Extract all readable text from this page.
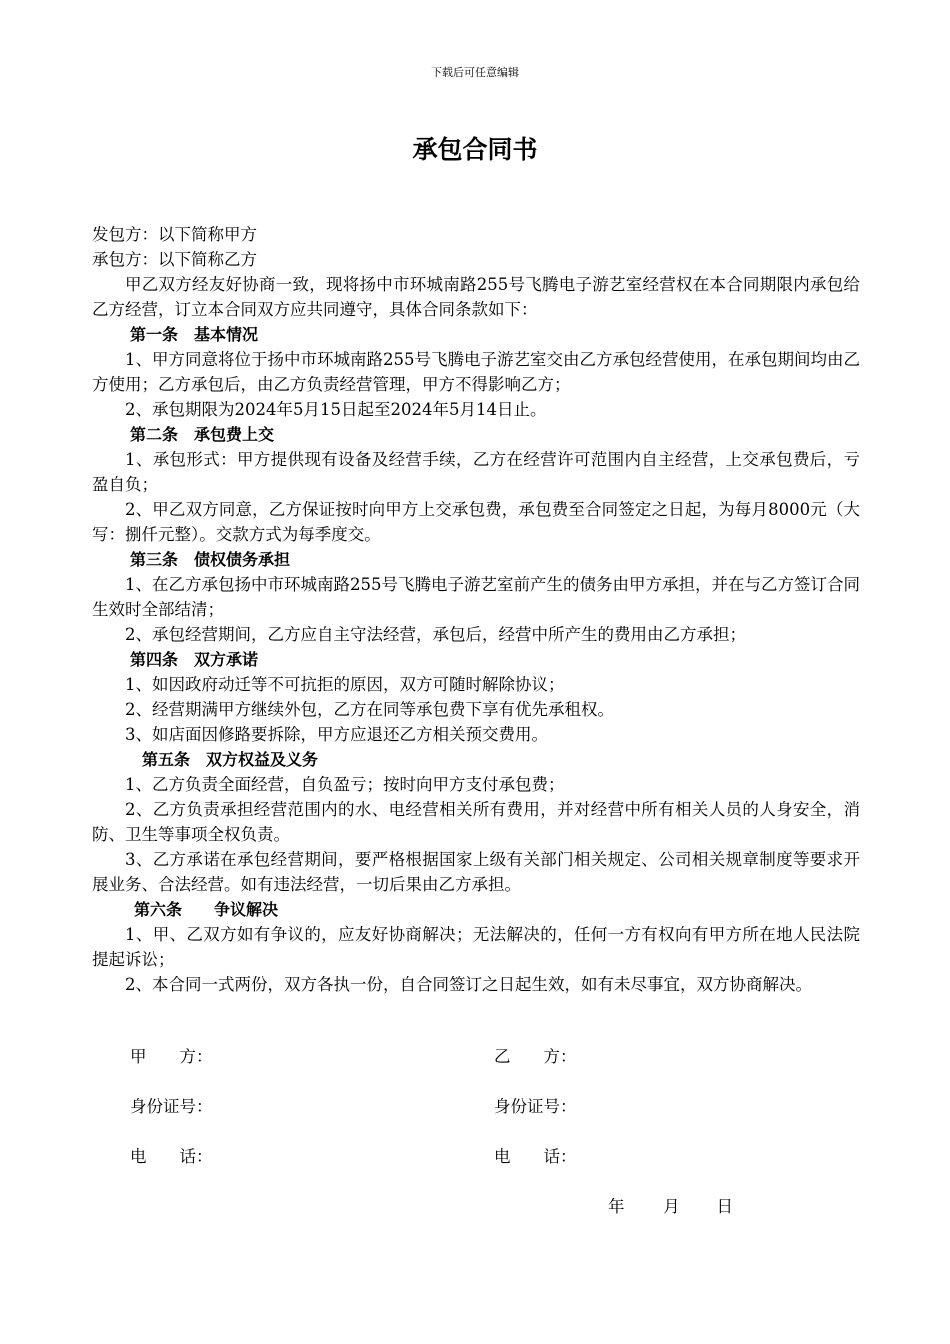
下载后可任意编辑
承包合同书

发包方：以下简称甲方

承包方：以下简称乙方

甲乙双方经友好协商一致，现将扬中市环城南路255号飞腾电子游艺室经营权在本合同期限内承包给乙方经营，订立本合同双方应共同遵守，具体合同条款如下：

第一条　基本情况

1、甲方同意将位于扬中市环城南路255号飞腾电子游艺室交由乙方承包经营使用，在承包期间均由乙方使用；乙方承包后，由乙方负责经营管理，甲方不得影响乙方；

2、承包期限为2024年5月15日起至2024年5月14日止。

第二条　承包费上交

1、承包形式：甲方提供现有设备及经营手续，乙方在经营许可范围内自主经营，上交承包费后，亏盈自负；

2、甲乙双方同意，乙方保证按时向甲方上交承包费，承包费至合同签定之日起，为每月8000元（大写：捌仟元整）。交款方式为每季度交。

第三条　债权债务承担

1、在乙方承包扬中市环城南路255号飞腾电子游艺室前产生的债务由甲方承担，并在与乙方签订合同生效时全部结清；

2、承包经营期间，乙方应自主守法经营，承包后，经营中所产生的费用由乙方承担；

第四条　双方承诺

1、如因政府动迁等不可抗拒的原因，双方可随时解除协议；

2、经营期满甲方继续外包，乙方在同等承包费下享有优先承租权。

3、如店面因修路要拆除，甲方应退还乙方相关预交费用。

第五条　双方权益及义务

1、乙方负责全面经营，自负盈亏；按时向甲方支付承包费；

2、乙方负责承担经营范围内的水、电经营相关所有费用，并对经营中所有相关人员的人身安全，消防、卫生等事项全权负责。

3、乙方承诺在承包经营期间，要严格根据国家上级有关部门相关规定、公司相关规章制度等要求开展业务、合法经营。如有违法经营，一切后果由乙方承担。

第六条　　争议解决

1、甲、乙双方如有争议的，应友好协商解决；无法解决的，任何一方有权向有甲方所在地人民法院提起诉讼；

2、本合同一式两份，双方各执一份，自合同签订之日起生效，如有未尽事宜，双方协商解决。

甲　　方：	乙　　方：
身份证号：	身份证号：
电　　话：	电　　话：
年 月 日
